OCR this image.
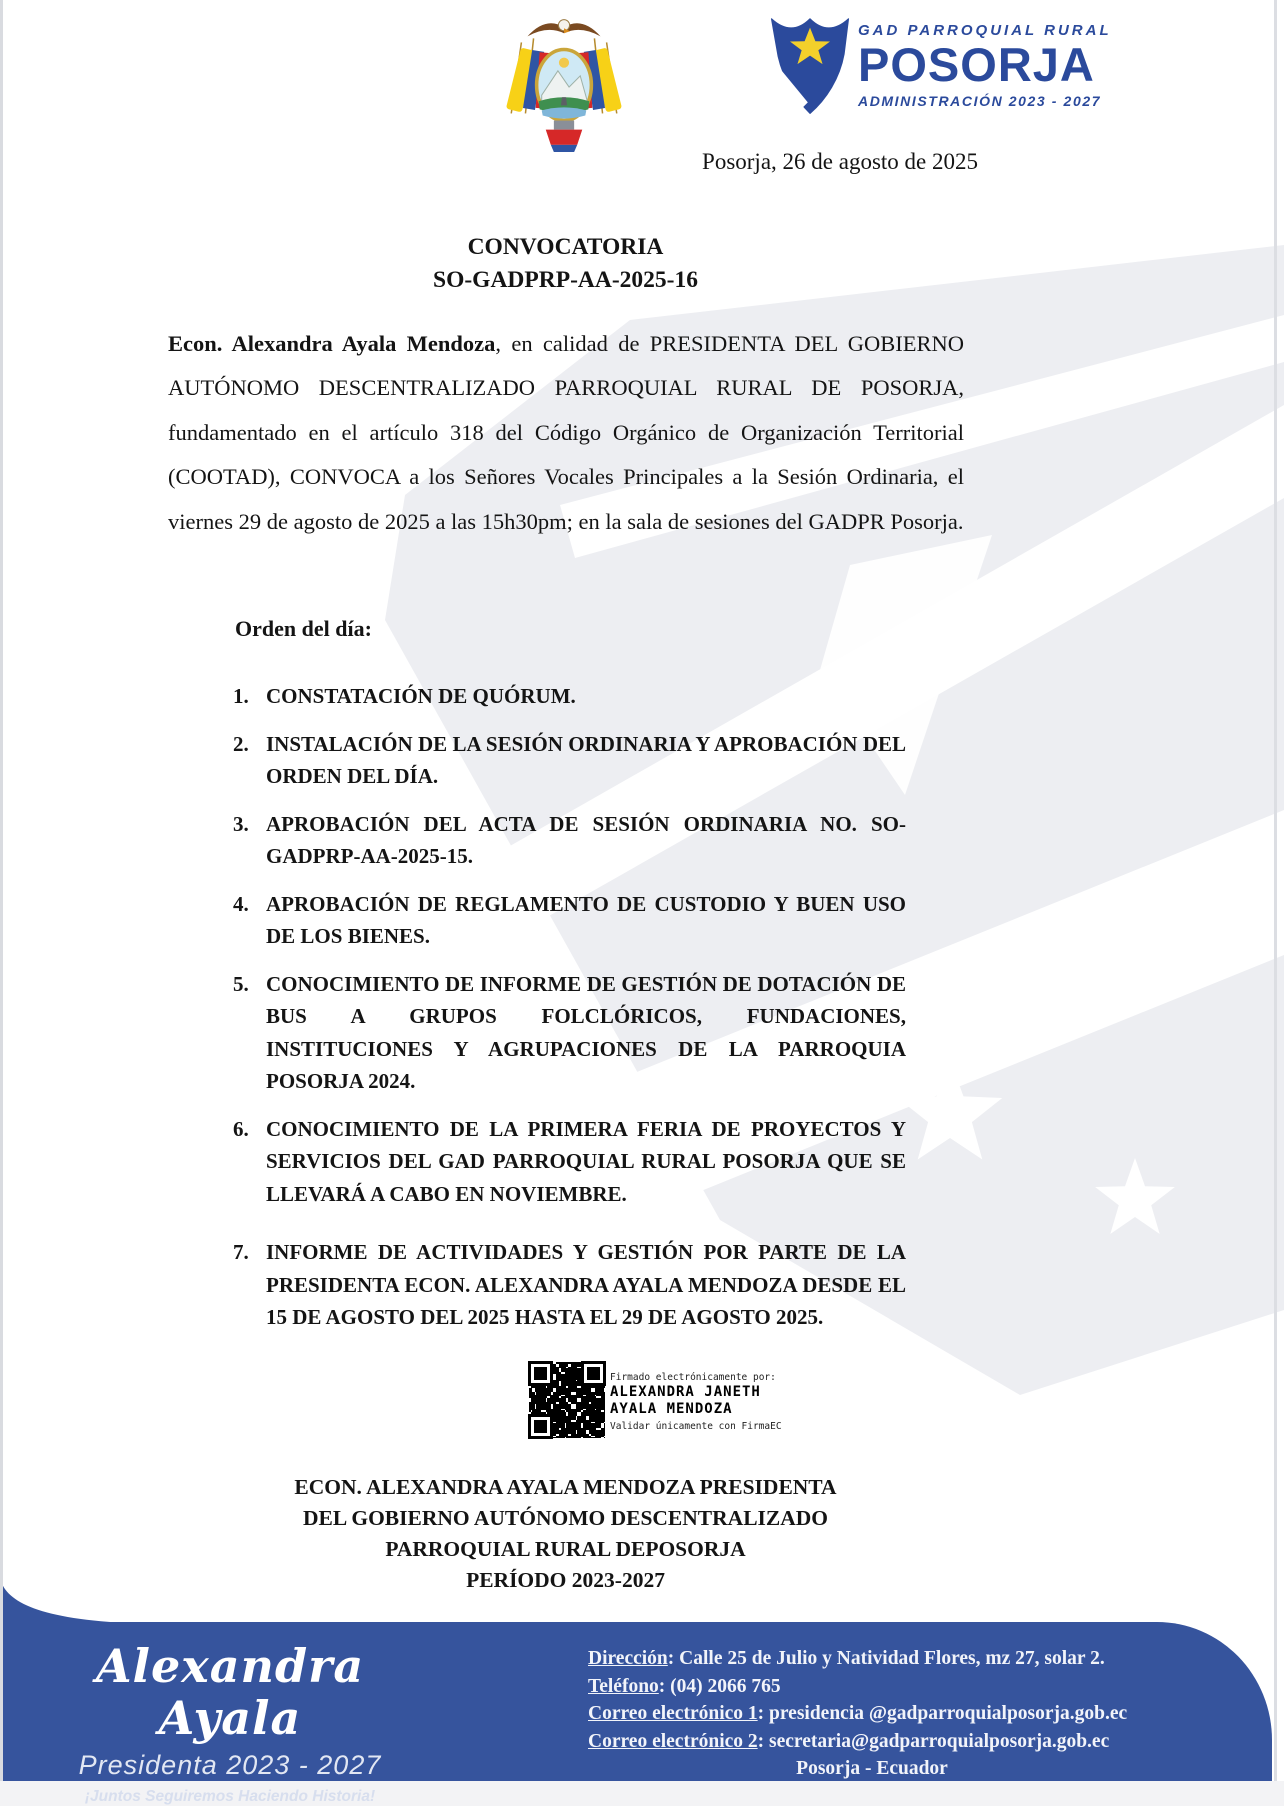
GAD PARROQUIAL RURAL
POSORJA
ADMINISTRACIÓN 2023 - 2027
Posorja, 26 de agosto de 2025
CONVOCATORIA
SO-GADPRP-AA-2025-16

Econ. Alexandra Ayala Mendoza, en calidad de PRESIDENTA DEL GOBIERNO AUTÓNOMO DESCENTRALIZADO PARROQUIAL RURAL DE POSORJA, fundamentado en el artículo 318 del Código Orgánico de Organización Territorial (COOTAD), CONVOCA a los Señores Vocales Principales a la Sesión Ordinaria, el viernes 29 de agosto de 2025 a las 15h30pm; en la sala de sesiones del GADPR Posorja.

Orden del día:
1. CONSTATACIÓN DE QUÓRUM.
2. INSTALACIÓN DE LA SESIÓN ORDINARIA Y APROBACIÓN DEL ORDEN DEL DÍA.
3. APROBACIÓN DEL ACTA DE SESIÓN ORDINARIA NO. SO-GADPRP-AA-2025-15.
4. APROBACIÓN DE REGLAMENTO DE CUSTODIO Y BUEN USO DE LOS BIENES.
5. CONOCIMIENTO DE INFORME DE GESTIÓN DE DOTACIÓN DE BUS A GRUPOS FOLCLÓRICOS, FUNDACIONES, INSTITUCIONES Y AGRUPACIONES DE LA PARROQUIA POSORJA 2024.
6. CONOCIMIENTO DE LA PRIMERA FERIA DE PROYECTOS Y SERVICIOS DEL GAD PARROQUIAL RURAL POSORJA QUE SE LLEVARÁ A CABO EN NOVIEMBRE.
7. INFORME DE ACTIVIDADES Y GESTIÓN POR PARTE DE LA PRESIDENTA ECON. ALEXANDRA AYALA MENDOZA DESDE EL 15 DE AGOSTO DEL 2025 HASTA EL 29 DE AGOSTO 2025.
Firmado electrónicamente por:
ALEXANDRA JANETH
AYALA MENDOZA
Validar únicamente con FirmaEC
ECON. ALEXANDRA AYALA MENDOZA PRESIDENTA
DEL GOBIERNO AUTÓNOMO DESCENTRALIZADO
PARROQUIAL RURAL DEPOSORJA
PERÍODO 2023-2027
Alexandra Ayala
Presidenta 2023 - 2027
¡Juntos Seguiremos Haciendo Historia!
Dirección: Calle 25 de Julio y Natividad Flores, mz 27, solar 2.
Teléfono: (04) 2066 765
Correo electrónico 1: presidencia @gadparroquialposorja.gob.ec
Correo electrónico 2: secretaria@gadparroquialposorja.gob.ec
Posorja - Ecuador
